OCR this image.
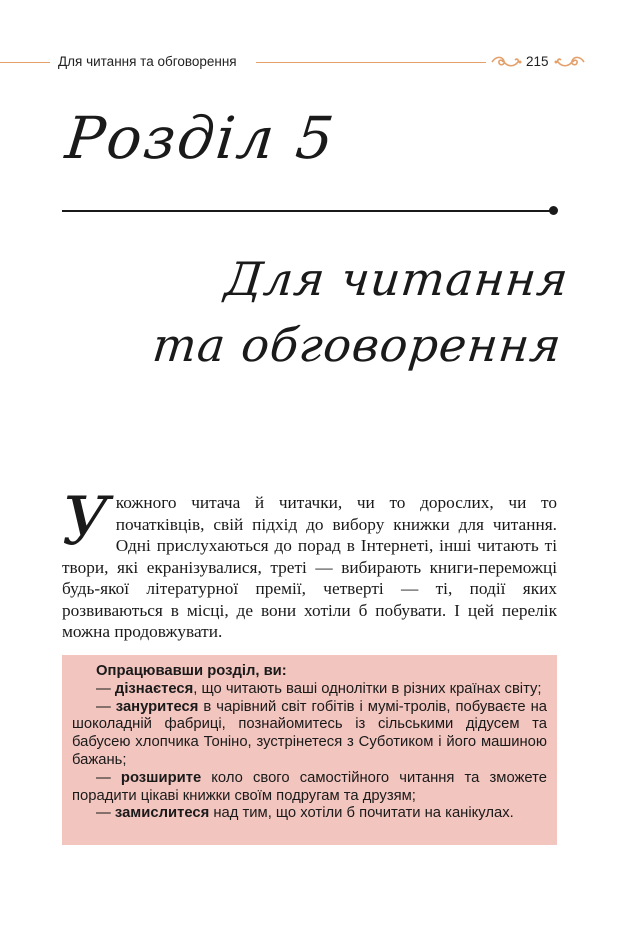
Для читання та обговорення	215
Розділ 5
Для читання
та обговорення
У кожного читача й читачки, чи то дорослих, чи то початківців, свій підхід до вибору книжки для читання. Одні прислухаються до порад в Інтернеті, інші читають ті твори, які екранізувалися, треті — вибирають книги-переможці будь-якої літературної премії, четверті — ті, події яких розвиваються в місці, де вони хотіли б побувати. І цей перелік можна продовжувати.
Опрацювавши розділ, ви:
— дізнаєтеся, що читають ваші однолітки в різних країнах світу;
— зануритеся в чарівний світ гобітів і мумі-тролів, побуваєте на шоколадній фабриці, познайомитесь із сільськими дідусем та бабусею хлопчика Тоніно, зустрінетеся з Суботиком і його машиною бажань;
— розширите коло свого самостійного читання та зможете порадити цікаві книжки своїм подругам та друзям;
— замислитеся над тим, що хотіли б почитати на канікулах.
